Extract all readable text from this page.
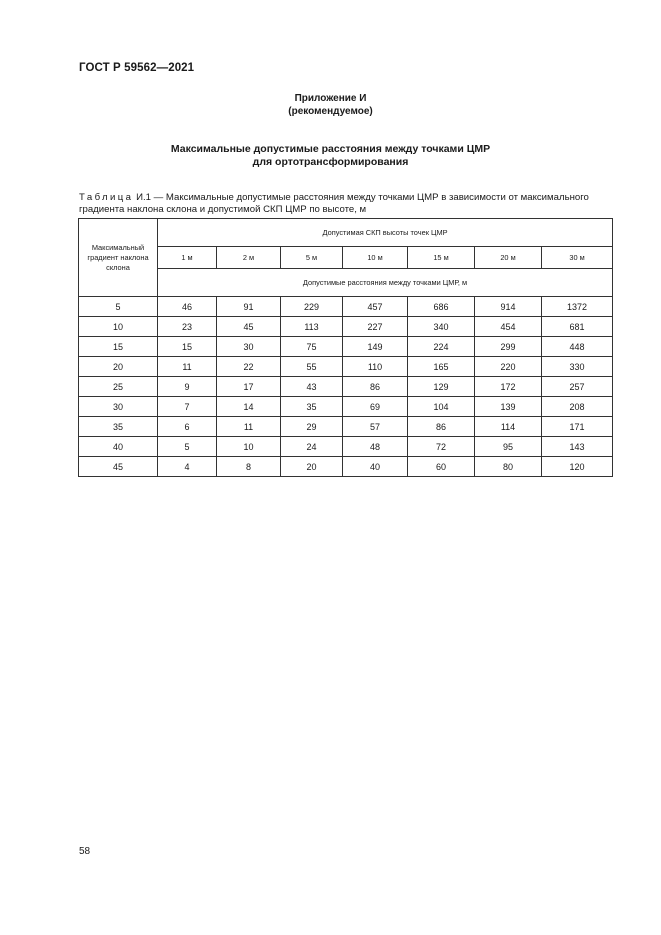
ГОСТ Р 59562—2021
Приложение И
(рекомендуемое)
Максимальные допустимые расстояния между точками ЦМР
для ортотрансформирования
Таблица И.1 — Максимальные допустимые расстояния между точками ЦМР в зависимости от максимального
градиента наклона склона и допустимой СКП ЦМР по высоте, м
Максимальный градиент наклона склона	Допустимая СКП высоты точек ЦМР						
	1 м	2 м	5 м	10 м	15 м	20 м	30 м
	Допустимые расстояния между точками ЦМР, м						
5	46	91	229	457	686	914	1372
10	23	45	113	227	340	454	681
15	15	30	75	149	224	299	448
20	11	22	55	110	165	220	330
25	9	17	43	86	129	172	257
30	7	14	35	69	104	139	208
35	6	11	29	57	86	114	171
40	5	10	24	48	72	95	143
45	4	8	20	40	60	80	120
58
